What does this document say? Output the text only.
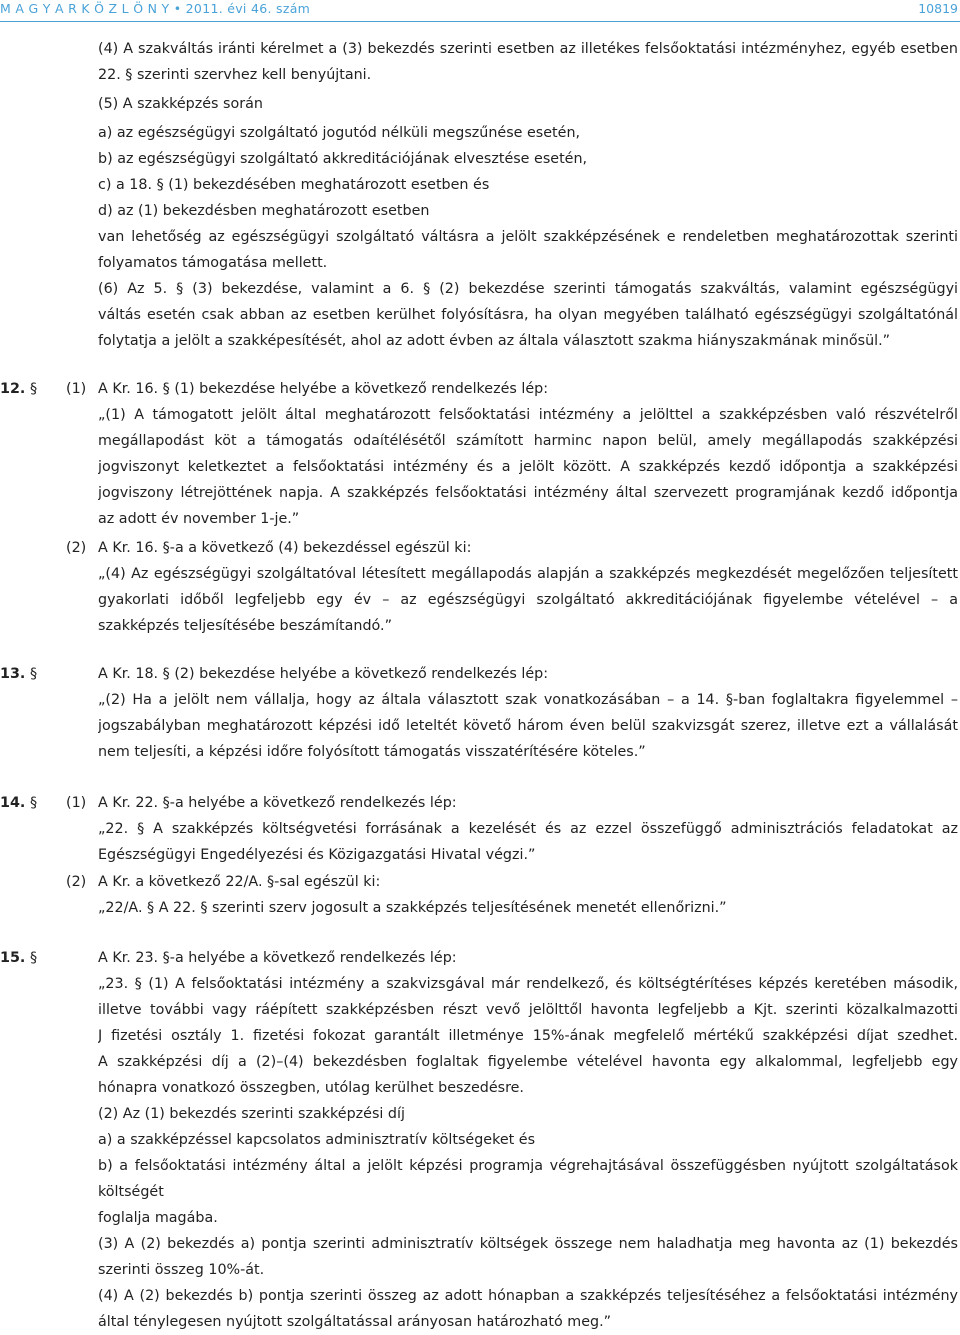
M A G Y A R K Ö Z L Ö N Y • 2011. évi 46. szám	10819
(4) A szakváltás iránti kérelmet a (3) bekezdés szerinti esetben az illetékes felsőoktatási intézményhez, egyéb esetben
22. § szerinti szervhez kell benyújtani.
(5) A szakképzés során
a) az egészségügyi szolgáltató jogutód nélküli megszűnése esetén,
b) az egészségügyi szolgáltató akkreditációjának elvesztése esetén,
c) a 18. § (1) bekezdésében meghatározott esetben és
d) az (1) bekezdésben meghatározott esetben
van lehetőség az egészségügyi szolgáltató váltásra a jelölt szakképzésének e rendeletben meghatározottak szerinti
folyamatos támogatása mellett.
(6) Az 5. § (3) bekezdése, valamint a 6. § (2) bekezdése szerinti támogatás szakváltás, valamint egészségügyi
váltás esetén csak abban az esetben kerülhet folyósításra, ha olyan megyében található egészségügyi szolgáltatónál
folytatja a jelölt a szakképesítését, ahol az adott évben az általa választott szakma hiányszakmának minősül.”
12. § (1) A Kr. 16. § (1) bekezdése helyébe a következő rendelkezés lép:
„(1) A támogatott jelölt által meghatározott felsőoktatási intézmény a jelölttel a szakképzésben való részvételről
megállapodást köt a támogatás odaítélésétől számított harminc napon belül, amely megállapodás szakképzési
jogviszonyt keletkeztet a felsőoktatási intézmény és a jelölt között. A szakképzés kezdő időpontja a szakképzési
jogviszony létrejöttének napja. A szakképzés felsőoktatási intézmény által szervezett programjának kezdő időpontja
az adott év november 1-je.”
(2) A Kr. 16. §-a a következő (4) bekezdéssel egészül ki:
„(4) Az egészségügyi szolgáltatóval létesített megállapodás alapján a szakképzés megkezdését megelőzően teljesített
gyakorlati időből legfeljebb egy év – az egészségügyi szolgáltató akkreditációjának figyelembe vételével – a
szakképzés teljesítésébe beszámítandó.”
13. §	A Kr. 18. § (2) bekezdése helyébe a következő rendelkezés lép:
„(2) Ha a jelölt nem vállalja, hogy az általa választott szak vonatkozásában – a 14. §-ban foglaltakra figyelemmel –
jogszabályban meghatározott képzési idő leteltét követő három éven belül szakvizsgát szerez, illetve ezt a vállalását
nem teljesíti, a képzési időre folyósított támogatás visszatérítésére köteles.”
14. § (1) A Kr. 22. §-a helyébe a következő rendelkezés lép:
„22. § A szakképzés költségvetési forrásának a kezelését és az ezzel összefüggő adminisztrációs feladatokat az
Egészségügyi Engedélyezési és Közigazgatási Hivatal végzi.”
(2) A Kr. a következő 22/A. §-sal egészül ki:
„22/A. § A 22. § szerinti szerv jogosult a szakképzés teljesítésének menetét ellenőrizni.”
15. §	A Kr. 23. §-a helyébe a következő rendelkezés lép:
„23. § (1) A felsőoktatási intézmény a szakvizsgával már rendelkező, és költségtérítéses képzés keretében második,
illetve további vagy ráépített szakképzésben részt vevő jelölttől havonta legfeljebb a Kjt. szerinti közalkalmazotti
J fizetési osztály 1. fizetési fokozat garantált illetménye 15%-ának megfelelő mértékű szakképzési díjat szedhet.
A szakképzési díj a (2)–(4) bekezdésben foglaltak figyelembe vételével havonta egy alkalommal, legfeljebb egy
hónapra vonatkozó összegben, utólag kerülhet beszedésre.
(2) Az (1) bekezdés szerinti szakképzési díj
a) a szakképzéssel kapcsolatos adminisztratív költségeket és
b) a felsőoktatási intézmény által a jelölt képzési programja végrehajtásával összefüggésben nyújtott szolgáltatások
költségét
foglalja magába.
(3) A (2) bekezdés a) pontja szerinti adminisztratív költségek összege nem haladhatja meg havonta az (1) bekezdés
szerinti összeg 10%-át.
(4) A (2) bekezdés b) pontja szerinti összeg az adott hónapban a szakképzés teljesítéséhez a felsőoktatási intézmény
által ténylegesen nyújtott szolgáltatással arányosan határozható meg.”
